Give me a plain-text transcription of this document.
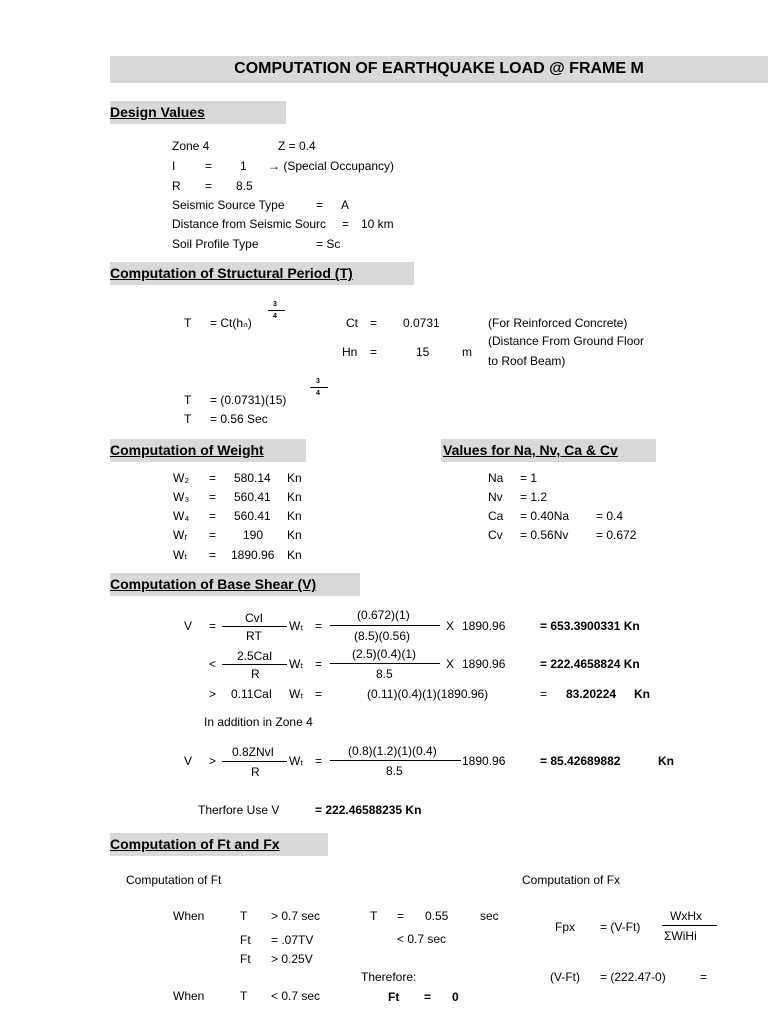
COMPUTATION OF EARTHQUAKE LOAD @ FRAME M
Design Values
Zone 4	Z = 0.4
I = 1 → (Special Occupancy)
R = 8.5
Seismic Source Type	= A
Distance from Seismic Sourc = 10 km
Soil Profile Type	= Sc
Computation of Structural Period (T)
T = Ct(hₙ)
3
4	Ct = 0.0731	(For Reinforced Concrete)
Hn =	15	m
(Distance From Ground Floor
to Roof Beam)
T = (0.0731)(15)
3
4
T = 0.56 Sec
Computation of Weight
W₂ = 580.14 Kn
W₃ = 560.41 Kn
W₄ = 560.41 Kn
Wᵣ = 190 Kn
Wₜ = 1890.96 Kn
Values for Na, Nv, Ca & Cv
Na = 1
Nv = 1.2
Ca = 0.40Na = 0.4
Cv = 0.56Nv = 0.672
Computation of Base Shear (V)
V =
CvI
RT
Wₜ =
(0.672)(1)
(8.5)(0.56)
X 1890.96	= 653.3900331 Kn
<
2.5CaI
R
Wₜ =
(2.5)(0.4)(1)
8.5
X 1890.96	= 222.4658824 Kn
> 0.11CaI Wₜ =	(0.11)(0.4)(1)(1890.96)	= 83.20224 Kn
In addition in Zone 4
V >
0.8ZNvI
R
Wₜ =
(0.8)(1.2)(1)(0.4)
8.5
1890.96	= 85.42689882	Kn
Therfore Use V	= 222.46588235 Kn
Computation of Ft and Fx
Computation of Ft	Computation of Fx
When	T > 0.7 sec	T = 0.55	sec
Ft = .07TV	< 0.7 sec
Ft > 0.25V
Fpx = (V-Ft)
WxHx
ΣWiHi
Therefore:	(V-Ft) = (222.47-0)	=
When	T < 0.7 sec	Ft = 0
